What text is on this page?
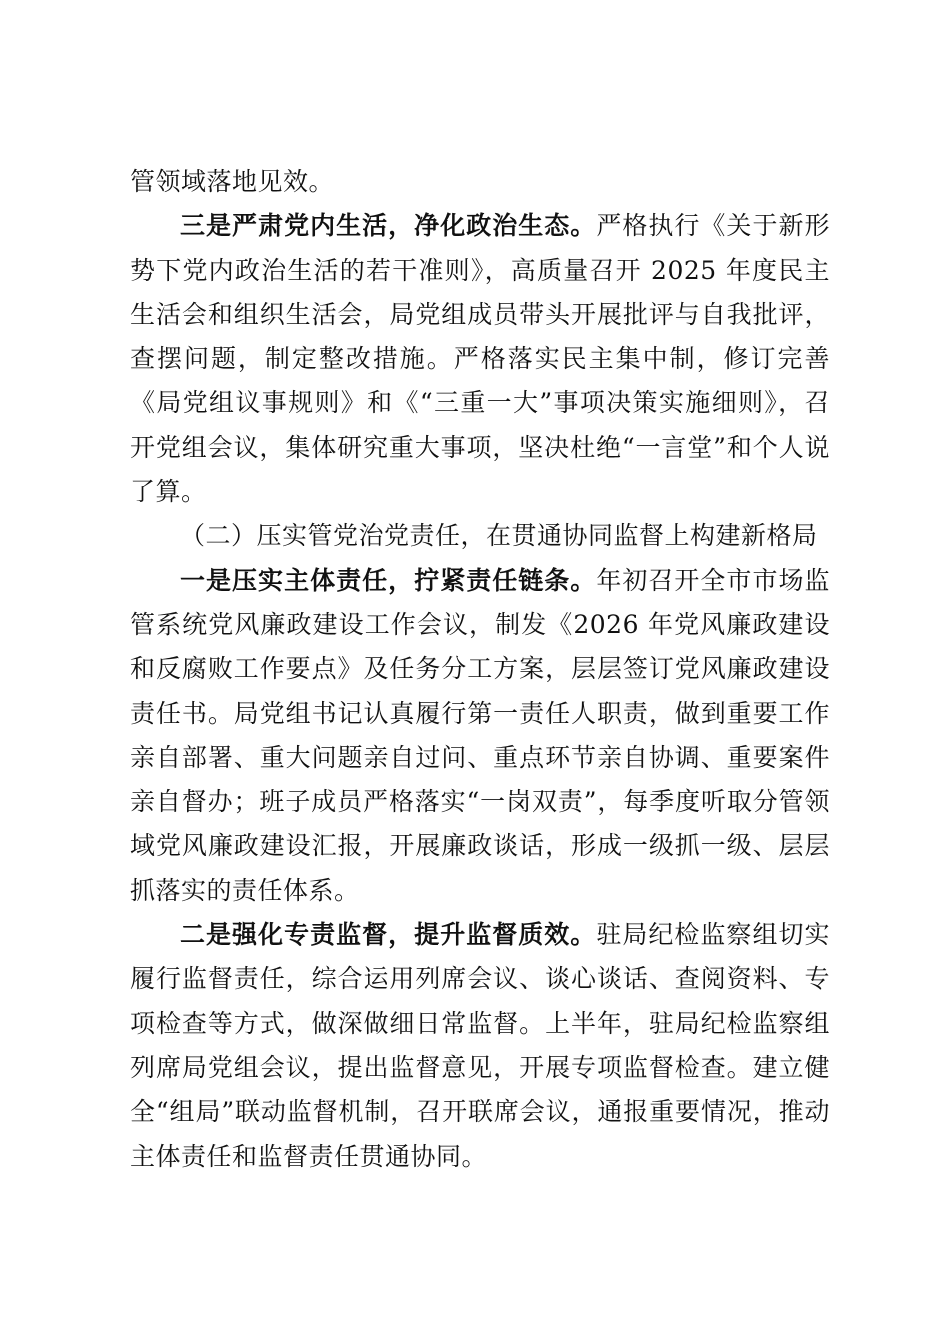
管领域落地见效。

三是严肃党内生活，净化政治生态。严格执行《关于新形势下党内政治生活的若干准则》，高质量召开 2025 年度民主生活会和组织生活会，局党组成员带头开展批评与自我批评，查摆问题，制定整改措施。严格落实民主集中制，修订完善《局党组议事规则》和《“三重一大”事项决策实施细则》，召开党组会议，集体研究重大事项，坚决杜绝“一言堂”和个人说了算。

（二）压实管党治党责任，在贯通协同监督上构建新格局

一是压实主体责任，拧紧责任链条。年初召开全市市场监管系统党风廉政建设工作会议，制发《2026 年党风廉政建设和反腐败工作要点》及任务分工方案，层层签订党风廉政建设责任书。局党组书记认真履行第一责任人职责，做到重要工作亲自部署、重大问题亲自过问、重点环节亲自协调、重要案件亲自督办；班子成员严格落实“一岗双责”，每季度听取分管领域党风廉政建设汇报，开展廉政谈话，形成一级抓一级、层层抓落实的责任体系。

二是强化专责监督，提升监督质效。驻局纪检监察组切实履行监督责任，综合运用列席会议、谈心谈话、查阅资料、专项检查等方式，做深做细日常监督。上半年，驻局纪检监察组列席局党组会议，提出监督意见，开展专项监督检查。建立健全“组局”联动监督机制，召开联席会议，通报重要情况，推动主体责任和监督责任贯通协同。
